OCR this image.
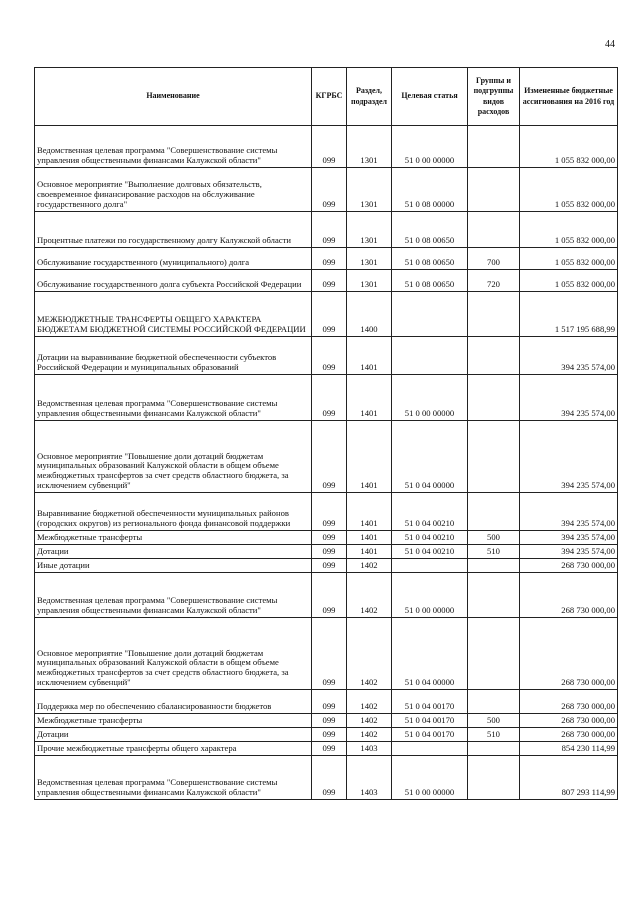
44
Наименование	КГРБС	Раздел, подраздел	Целевая статья	Группы и подгруппы видов расходов	Измененные бюджетные ассигнования на 2016 год
Ведомственная целевая программа "Совершенствование системы управления общественными финансами Калужской области"	099	1301	51 0 00 00000		1 055 832 000,00
Основное мероприятие "Выполнение долговых обязательств, своевременное финансирование расходов на обслуживание государственного долга"	099	1301	51 0 08 00000		1 055 832 000,00
Процентные платежи по государственному долгу Калужской области	099	1301	51 0 08 00650		1 055 832 000,00
Обслуживание государственного (муниципального) долга	099	1301	51 0 08 00650	700	1 055 832 000,00
Обслуживание государственного долга субъекта Российской Федерации	099	1301	51 0 08 00650	720	1 055 832 000,00
МЕЖБЮДЖЕТНЫЕ ТРАНСФЕРТЫ ОБЩЕГО ХАРАКТЕРА БЮДЖЕТАМ БЮДЖЕТНОЙ СИСТЕМЫ РОССИЙСКОЙ ФЕДЕРАЦИИ	099	1400			1 517 195 688,99
Дотации на выравнивание бюджетной обеспеченности субъектов Российской Федерации и муниципальных образований	099	1401			394 235 574,00
Ведомственная целевая программа "Совершенствование системы управления общественными финансами Калужской области"	099	1401	51 0 00 00000		394 235 574,00
Основное мероприятие "Повышение доли дотаций бюджетам муниципальных образований Калужской области в общем объеме межбюджетных трансфертов за счет средств областного бюджета, за исключением субвенций"	099	1401	51 0 04 00000		394 235 574,00
Выравнивание бюджетной обеспеченности муниципальных районов (городских округов) из регионального фонда финансовой поддержки	099	1401	51 0 04 00210		394 235 574,00
Межбюджетные трансферты	099	1401	51 0 04 00210	500	394 235 574,00
Дотации	099	1401	51 0 04 00210	510	394 235 574,00
Иные дотации	099	1402			268 730 000,00
Ведомственная целевая программа "Совершенствование системы управления общественными финансами Калужской области"	099	1402	51 0 00 00000		268 730 000,00
Основное мероприятие "Повышение доли дотаций бюджетам муниципальных образований Калужской области в общем объеме межбюджетных трансфертов за счет средств областного бюджета, за исключением субвенций"	099	1402	51 0 04 00000		268 730 000,00
Поддержка мер по обеспечению сбалансированности бюджетов	099	1402	51 0 04 00170		268 730 000,00
Межбюджетные трансферты	099	1402	51 0 04 00170	500	268 730 000,00
Дотации	099	1402	51 0 04 00170	510	268 730 000,00
Прочие межбюджетные трансферты общего характера	099	1403			854 230 114,99
Ведомственная целевая программа "Совершенствование системы управления общественными финансами Калужской области"	099	1403	51 0 00 00000		807 293 114,99
